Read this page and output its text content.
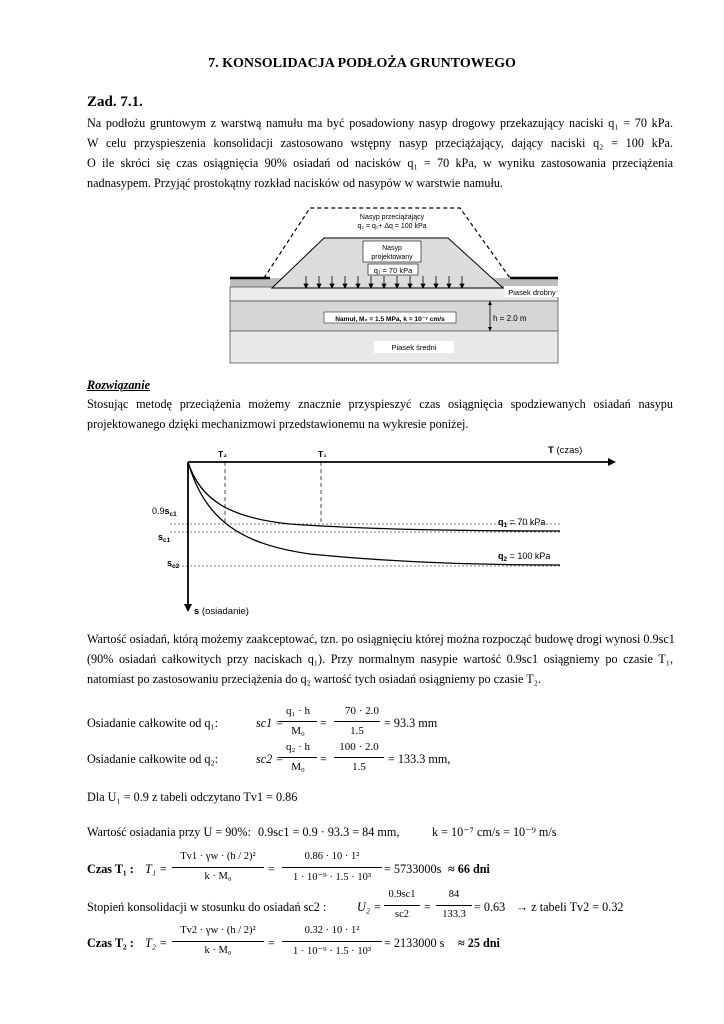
7. KONSOLIDACJA PODŁOŻA GRUNTOWEGO
Zad. 7.1.
Na podłożu gruntowym z warstwą namułu ma być posadowiony nasyp drogowy przekazujący naciski q₁ = 70 kPa.
W celu przyspieszenia konsolidacji zastosowano wstępny nasyp przeciążający, dający naciski q₂ = 100 kPa.
O ile skróci się czas osiągnięcia 90% osiadań od nacisków q₁ = 70 kPa, w wyniku zastosowania przeciążenia
nadnasypem. Przyjąć prostokątny rozkład nacisków od nasypów w warstwie namułu.
Nasyp przeciążający
q₂ = q₁+ Δq = 100 kPa
Nasyp
projektowany
q₁ = 70 kPa
Piasek drobny
Namuł, M₀ = 1.5 MPa, k = 10⁻⁷ cm/s	h = 2.0 m
Piasek średni
Rozwiązanie
Stosując metodę przeciążenia możemy znacznie przyspieszyć czas osiągnięcia spodziewanych osiadań nasypu
projektowanego dzięki mechanizmowi przedstawionemu na wykresie poniżej.
T (czas)
s (osiadanie)
T₂	T₁
$0.9s_{c1}$
$s_{c1}$
$s_{c2}$
$q_1 = 70$ kPa
$q_2 = 100$ kPa
Wartość osiadań, którą możemy zaakceptować, tzn. po osiągnięciu której można rozpocząć budowę drogi wynosi 0.9sc1
(90% osiadań całkowitych przy naciskach q₁). Przy normalnym nasypie wartość 0.9sc1 osiągniemy po czasie T₁,
natomiast po zastosowaniu przeciążenia do q₂ wartość tych osiadań osiągniemy po czasie T₂.
Osiadanie całkowite od q₁:	sc1 =
q₁ · h
M₀
=
70 · 2.0
1.5
= 93.3 mm
Osiadanie całkowite od q₂:	sc2 =
q₂ · h
M₀
=
100 · 2.0
1.5
= 133.3 mm,
Dla U₁ = 0.9 z tabeli odczytano Tv1 = 0.86
Wartość osiadania przy U = 90%: 0.9sc1 = 0.9 · 93.3 = 84 mm,	k = 10⁻⁷ cm/s = 10⁻⁹ m/s
Czas T₁ : T₁ =
Tv1 · γw · (h / 2)²
k · M₀
=
0.86 · 10 · 1²
1 · 10⁻⁹ · 1.5 · 10³
= 5733000s ≈ 66 dni
Stopień konsolidacji w stosunku do osiadań sc2 :	U₂ =
0.9sc1
sc2
=
84
133.3
= 0.63 → z tabeli Tv2 = 0.32
Czas T₂ : T₂ =
Tv2 · γw · (h / 2)²
k · M₀
=
0.32 · 10 · 1²
1 · 10⁻⁹ · 1.5 · 10³
= 2133000 s ≈ 25 dni
